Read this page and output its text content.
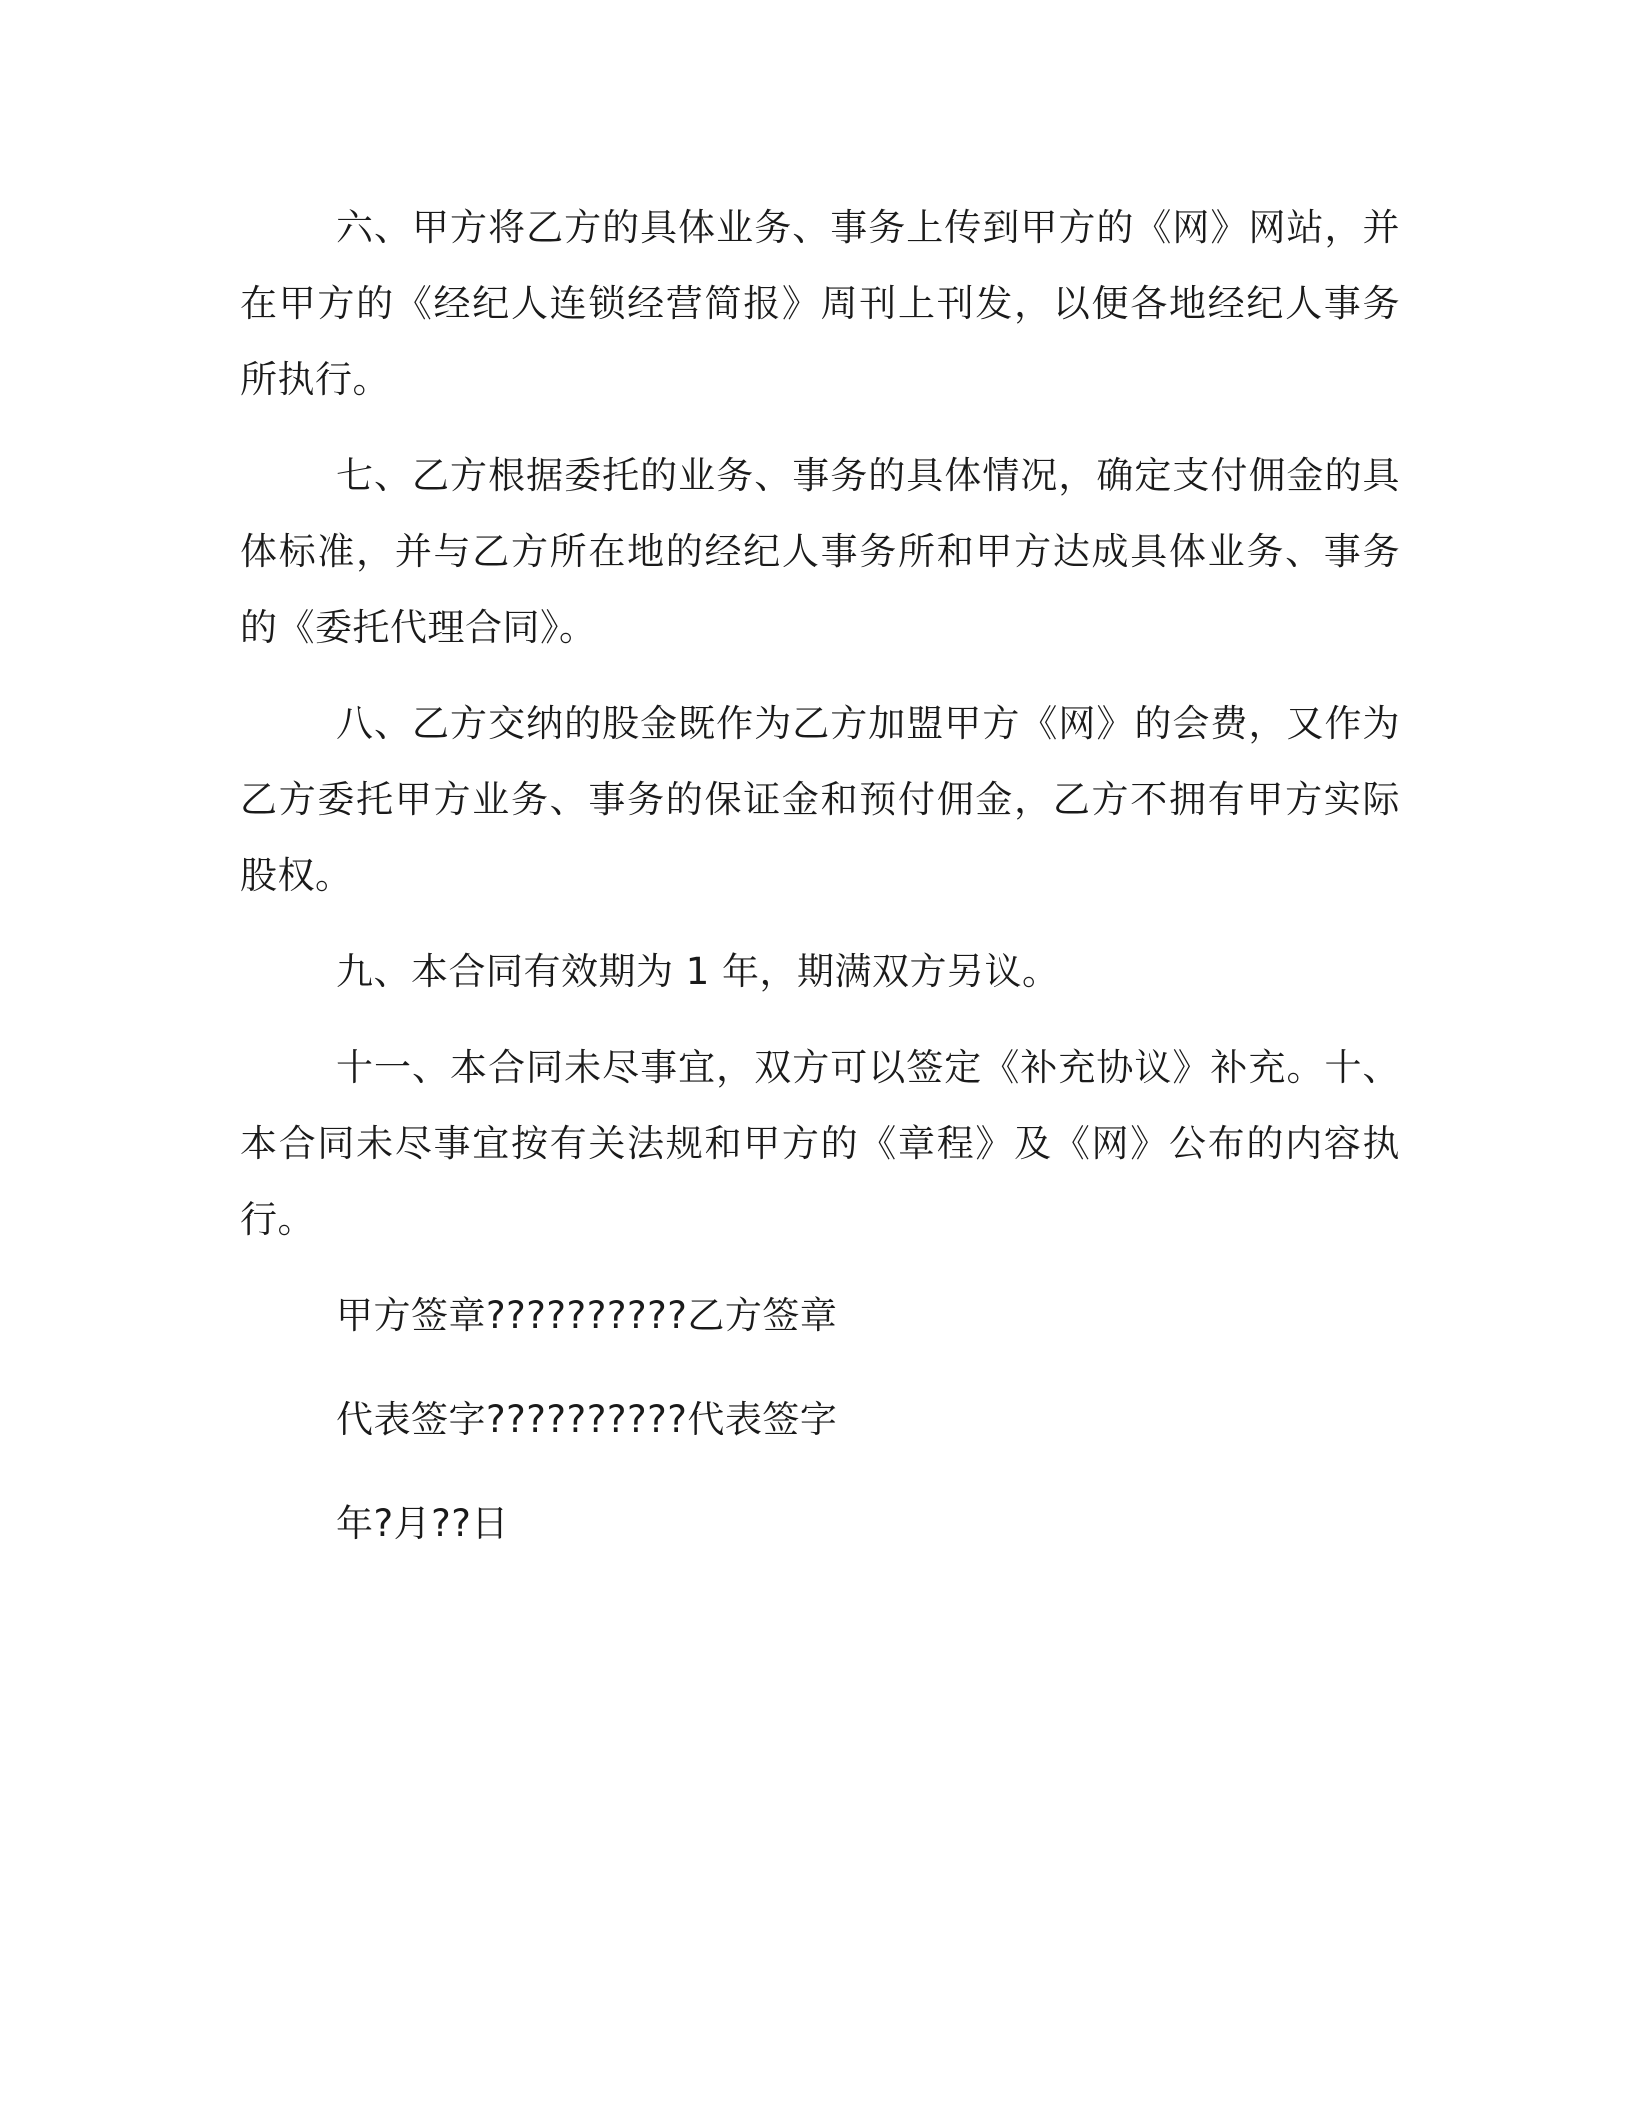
六、甲方将乙方的具体业务、事务上传到甲方的《网》网站，并在甲方的《经纪人连锁经营简报》周刊上刊发，以便各地经纪人事务所执行。

七、乙方根据委托的业务、事务的具体情况，确定支付佣金的具体标准，并与乙方所在地的经纪人事务所和甲方达成具体业务、事务的《委托代理合同》。

八、乙方交纳的股金既作为乙方加盟甲方《网》的会费，又作为乙方委托甲方业务、事务的保证金和预付佣金，乙方不拥有甲方实际股权。

九、本合同有效期为 1 年，期满双方另议。

十一、本合同未尽事宜，双方可以签定《补充协议》补充。十、本合同未尽事宜按有关法规和甲方的《章程》及《网》公布的内容执行。

甲方签章??????????乙方签章

代表签字??????????代表签字

年?月??日
